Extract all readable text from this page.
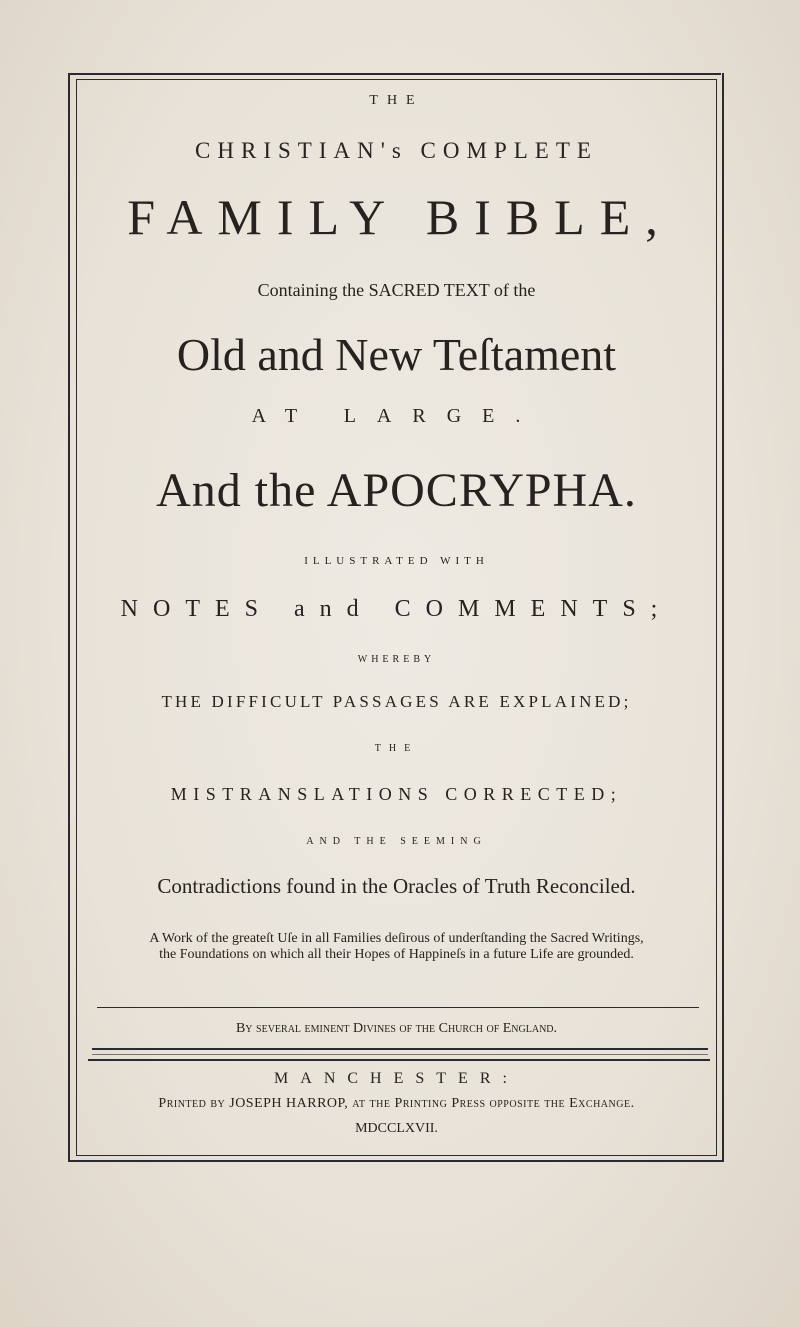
THE
CHRISTIAN's COMPLETE
FAMILY BIBLE,
Containing the SACRED TEXT of the
Old and New Teſtament
AT LARGE.
And the APOCRYPHA.
ILLUSTRATED WITH
NOTES and COMMENTS;
WHEREBY
THE DIFFICULT PASSAGES ARE EXPLAINED;
THE
MISTRANSLATIONS CORRECTED;
AND THE SEEMING
Contradictions found in the Oracles of Truth Reconciled.
A Work of the greateſt Uſe in all Families deſirous of underſtanding the Sacred Writings,
the Foundations on which all their Hopes of Happineſs in a future Life are grounded.
By ſeveral eminent Divines of the Church of England.
MANCHESTER:
Printed by JOSEPH HARROP, at the Printing Press oppoſite the Exchange.
MDCCLXVII.
